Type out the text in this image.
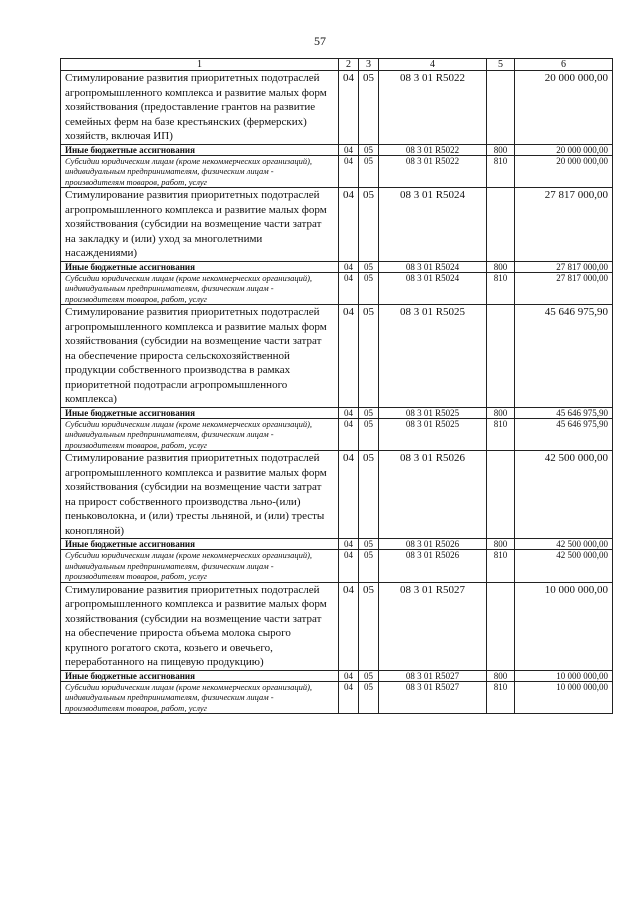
57
1	2	3	4	5	6
Стимулирование развития приоритетных подотраслей агропромышленного комплекса и развитие малых форм хозяйствования (предоставление грантов на развитие семейных ферм на базе крестьянских (фермерских) хозяйств, включая ИП)	04	05	08 3 01 R5022		20 000 000,00
Иные бюджетные ассигнования	04	05	08 3 01 R5022	800	20 000 000,00
Субсидии юридическим лицам (кроме некоммерческих организаций), индивидуальным предпринимателям, физическим лицам - производителям товаров, работ, услуг	04	05	08 3 01 R5022	810	20 000 000,00
Стимулирование развития приоритетных подотраслей агропромышленного комплекса и развитие малых форм хозяйствования (субсидии на возмещение части затрат на закладку и (или) уход за многолетними насаждениями)	04	05	08 3 01 R5024		27 817 000,00
Иные бюджетные ассигнования	04	05	08 3 01 R5024	800	27 817 000,00
Субсидии юридическим лицам (кроме некоммерческих организаций), индивидуальным предпринимателям, физическим лицам - производителям товаров, работ, услуг	04	05	08 3 01 R5024	810	27 817 000,00
Стимулирование развития приоритетных подотраслей агропромышленного комплекса и развитие малых форм хозяйствования (субсидии на возмещение части затрат на обеспечение прироста сельскохозяйственной продукции собственного производства в рамках приоритетной подотрасли агропромышленного комплекса)	04	05	08 3 01 R5025		45 646 975,90
Иные бюджетные ассигнования	04	05	08 3 01 R5025	800	45 646 975,90
Субсидии юридическим лицам (кроме некоммерческих организаций), индивидуальным предпринимателям, физическим лицам - производителям товаров, работ, услуг	04	05	08 3 01 R5025	810	45 646 975,90
Стимулирование развития приоритетных подотраслей агропромышленного комплекса и развитие малых форм хозяйствования (субсидии на возмещение части затрат на прирост собственного производства льно-(или) пеньковолокна, и (или) тресты льняной, и (или) тресты конопляной)	04	05	08 3 01 R5026		42 500 000,00
Иные бюджетные ассигнования	04	05	08 3 01 R5026	800	42 500 000,00
Субсидии юридическим лицам (кроме некоммерческих организаций), индивидуальным предпринимателям, физическим лицам - производителям товаров, работ, услуг	04	05	08 3 01 R5026	810	42 500 000,00
Стимулирование развития приоритетных подотраслей агропромышленного комплекса и развитие малых форм хозяйствования (субсидии на возмещение части затрат на обеспечение прироста объема молока сырого крупного рогатого скота, козьего и овечьего, переработанного на пищевую продукцию)	04	05	08 3 01 R5027		10 000 000,00
Иные бюджетные ассигнования	04	05	08 3 01 R5027	800	10 000 000,00
Субсидии юридическим лицам (кроме некоммерческих организаций), индивидуальным предпринимателям, физическим лицам - производителям товаров, работ, услуг	04	05	08 3 01 R5027	810	10 000 000,00
